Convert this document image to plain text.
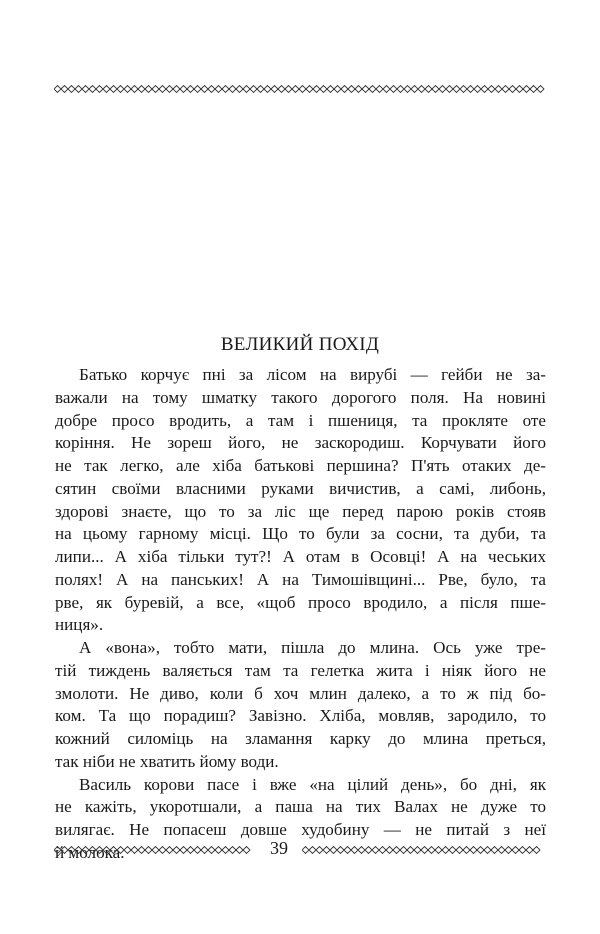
ВЕЛИКИЙ ПОХІД
Батько корчує пні за лісом на вирубі — гейби не за-
важали на тому шматку такого дорогого поля. На новині
добре просо вродить, а там і пшениця, та прокляте оте
коріння. Не зореш його, не заскородиш. Корчувати його
не так легко, але хіба батькові першина? П'ять отаких де-
сятин своїми власними руками вичистив, а самі, либонь,
здорові знаєте, що то за ліс ще перед парою років стояв
на цьому гарному місці. Що то були за сосни, та дуби, та
липи... А хіба тільки тут?! А отам в Осовці! А на чеських
полях! А на панських! А на Тимошівщині... Рве, було, та
рве, як буревій, а все, «щоб просо вродило, а після пше-
ниця».
А «вона», тобто мати, пішла до млина. Ось уже тре-
тій тиждень валяється там та гелетка жита і ніяк його не
змолоти. Не диво, коли б хоч млин далеко, а то ж під бо-
ком. Та що порадиш? Завізно. Хліба, мовляв, зародило, то
кожний силоміць на зламання карку до млина преться,
так ніби не хватить йому води.
Василь корови пасе і вже «на цілий день», бо дні, як
не кажіть, укоротшали, а паша на тих Валах не дуже то
вилягає. Не попасеш довше худобину — не питай з неї
й молока.	39
